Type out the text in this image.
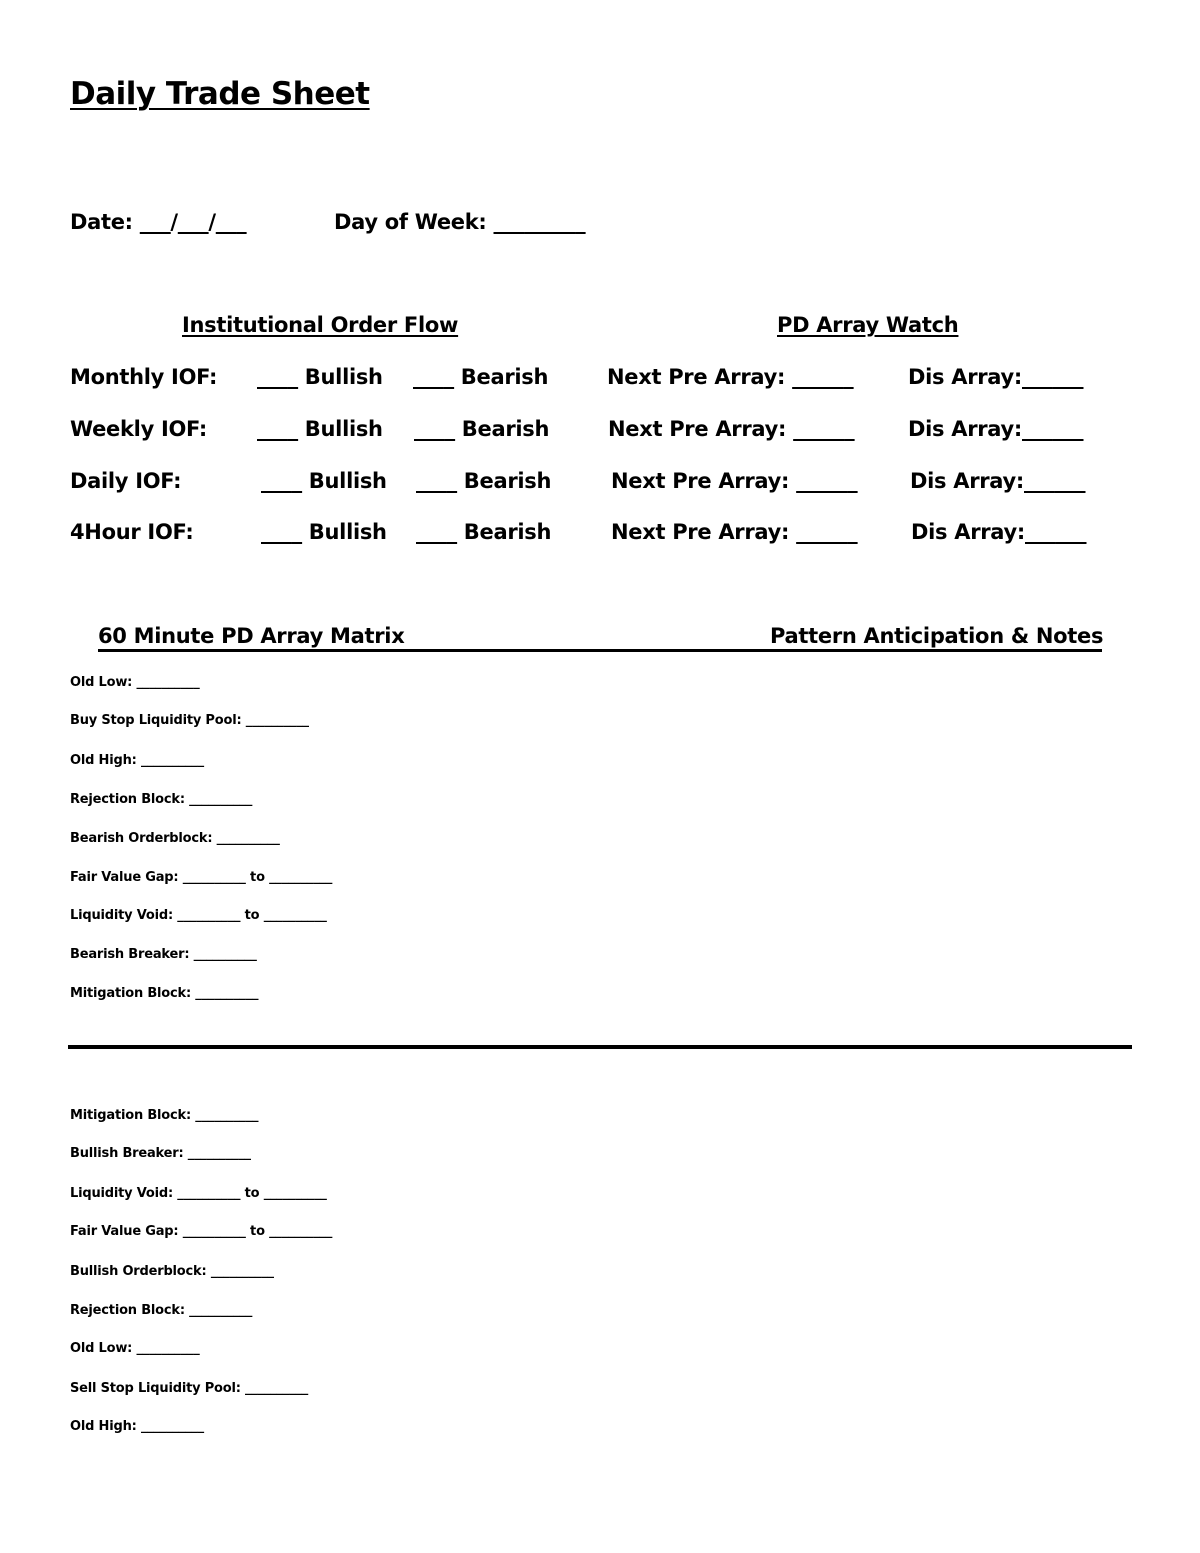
Daily Trade Sheet
Date: ___/___/___	Day of Week: _________
Institutional Order Flow	PD Array Watch
Monthly IOF: ____ Bullish ____ Bearish	Next Pre Array: ______	Dis Array:______
Weekly IOF: ____ Bullish ____ Bearish	Next Pre Array: ______	Dis Array:______
Daily IOF:	____ Bullish ____ Bearish	Next Pre Array: ______	Dis Array:______
4Hour IOF:	____ Bullish ____ Bearish	Next Pre Array: ______	Dis Array:______
60 Minute PD Array Matrix	Pattern Anticipation & Notes
Old Low: __________
Buy Stop Liquidity Pool: __________
Old High: __________
Rejection Block: __________
Bearish Orderblock: __________
Fair Value Gap: __________ to __________
Liquidity Void: __________ to __________
Bearish Breaker: __________
Mitigation Block: __________
Mitigation Block: __________
Bullish Breaker: __________
Liquidity Void: __________ to __________
Fair Value Gap: __________ to __________
Bullish Orderblock: __________
Rejection Block: __________
Old Low: __________
Sell Stop Liquidity Pool: __________
Old High: __________
